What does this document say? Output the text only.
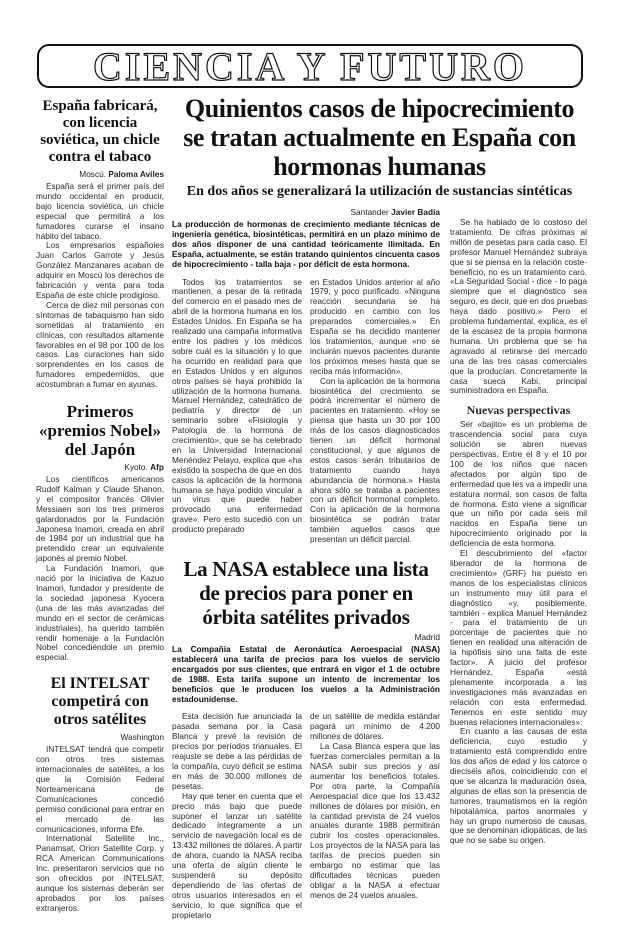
CIENCIA Y FUTURO
España fabricará, con licencia soviética, un chicle contra el tabaco
Moscú. Paloma Aviles

España será el primer país del mundo occidental en producir, bajo licencia soviética, un chicle especial que permitirá a los fumadores curarse el insano hábito del tabaco.

Los empresarios españoles Juan Carlos Garrote y Jesús González Manzanares acaban de adquirir en Moscú los derechos de fabricación y venta para toda España de este chicle prodigioso.

Cerca de diez mil personas con síntomas de tabaquismo han sido sometidas al tratamiento en clínicas, con resultados altamente favorables en el 98 por 100 de los casos. Las curaciones han sido sorprendentes en los casos de fumadores empedernidos, que acostumbran a fumar en ayunas.

Primeros «premios Nobel» del Japón
Kyoto. Afp

Los científicos americanos Rudolf Kalman y Claude Shanon, y el compositor francés Olivier Messiaen son los tres primeros galardonados por la Fundación Japonesa Inamori, creada en abril de 1984 por un industrial que ha pretendido crear un equivalente japonés al premio Nobel.

La Fundación Inamori, que nació por la iniciativa de Kazuo Inamori, fundador y presidente de la sociedad japonesa Kyocera (una de las más avanzadas del mundo en el sector de cerámicas industriales), ha querido también rendir homenaje a la Fundación Nobel concediéndole un premio especial.

El INTELSAT competirá con otros satélites
Washington

INTELSAT tendrá que competir con otros tres sistemas internacionales de satélites, a los que la Comisión Federal Norteamericana de Comunicaciones concedió permiso condicional para entrar en el mercado de las comunicaciones, informa Efe.

International Satellite Inc., Panamsat, Orion Satellite Corp. y RCA American Communications Inc. presentaron servicios que no son ofrecidos por INTELSAT, aunque los sistemas deberán ser aprobados por los países extranjeros.

Quinientos casos de hipocrecimiento se tratan actualmente en España con hormonas humanas
En dos años se generalizará la utilización de sustancias sintéticas
Santander Javier Badía
La producción de hormonas de crecimiento mediante técnicas de ingeniería genética, biosintéticas, permitirá en un plazo mínimo de dos años disponer de una cantidad teóricamente ilimitada. En España, actualmente, se están tratando quinientos cincuenta casos de hipocrecimiento - talla baja - por déficit de esta hormona.

Todos los tratamientos se mantienen, a pesar de la retirada del comercio en el pasado mes de abril de la hormona humana en los Estados Unidos. En España se ha realizado una campaña informativa entre los padres y los médicos sobre cuál es la situación y lo que ha ocurrido en realidad para que en Estados Unidos y en algunos otros países se haya prohibido la utilización de la hormona humana. Manuel Hernández, catedrático de pediatría y director de un seminario sobre «Fisiología y Patología de la hormona de crecimiento», que se ha celebrado en la Universidad Internacional Menéndez Pelayo, explica que «ha existido la sospecha de que en dos casos la aplicación de la hormona humana se haya podido vincular a un virus que puede haber provocado una enfermedad grave». Pero esto sucedió con un producto preparado

en Estados Unidos anterior al año 1979, y poco purificado. «Ninguna reacción secundaria se ha producido en cambio con los preparados comerciales.» En España se ha decidido mantener los tratamientos, aunque «no se incluirán nuevos pacientes durante los próximos meses hasta que se reciba más información».

Con la aplicación de la hormona biosintética del crecimiento se podrá incrementar el número de pacientes en tratamiento. «Hoy se piensa que hasta un 30 por 100 más de los casos diagnosticados tienen un déficit hormonal constitucional, y que algunos de estos casos serán tributarios de tratamiento cuando haya abundancia de hormona.» Hasta ahora sólo se trataba a pacientes con un déficit hormonal completo. Con la aplicación de la hormona biosintética se podrán tratar también aquellos casos que presentan un déficit parcial.

La NASA establece una lista de precios para poner en órbita satélites privados
Madrid
La Compañía Estatal de Aeronáutica Aeroespacial (NASA) establecerá una tarifa de precios para los vuelos de servicio encargados por sus clientes, que entrará en vigor el 1 de octubre de 1988. Esta tarifa supone un intento de incrementar los beneficios que le producen los vuelos a la Administración estadounidense.

Esta decisión fue anunciada la pasada semana por la Casa Blanca y prevé la revisión de precios por períodos trianuales. El reajuste se debe a las pérdidas de la compañía, cuyo déficit se estima en más de 30.000 millones de pesetas.

Hay que tener en cuenta que el precio más bajo que puede suponer el lanzar un satélite dedicado íntegramente a un servicio de navegación local es de 13.432 millones de dólares. A partir de ahora, cuando la NASA reciba una oferta de algún cliente le suspenderá su depósito dependiendo de las ofertas de otros usuarios interesados en el servicio, lo que significa que el propietario

de un satélite de medida estándar pagará un mínimo de 4.200 millones de dólares.

La Casa Blanca espera que las fuerzas comerciales permitan a la NASA subir sus precios y así aumentar los beneficios totales. Por otra parte, la Compañía Aeroespacial dice que los 13.432 millones de dólares por misión, en la cantidad prevista de 24 vuelos anuales durante 1988 permitirán cubrir los costes operacionales. Los proyectos de la NASA para las tarifas de precios pueden sin embargo no estimar que las dificultades técnicas pueden obligar a la NASA a efectuar menos de 24 vuelos anuales.

Se ha hablado de lo costoso del tratamiento. De cifras próximas al millón de pesetas para cada caso. El profesor Manuel Hernández subraya que si se piensa en la relación coste-beneficio, no es un tratamiento caro. «La Seguridad Social - dice - lo paga siempre que el diagnóstico sea seguro, es decir, que en dos pruebas haya dado positivo.» Pero el problema fundamental, explica, es el de la escasez de la propia hormona humana. Un problema que se ha agravado al retirarse del mercado una de las tres casas comerciales que la producían. Concretamente la casa sueca Kabi, principal suministradora en España.

Nuevas perspectivas

Ser «bajito» es un problema de trascendencia social para cuya solución se abren nuevas perspectivas. Entre el 8 y el 10 por 100 de los niños que nacen afectados por algún tipo de enfermedad que les va a impedir una estatura normal, son casos de falta de hormona. Esto viene a significar que un niño por cada seis mil nacidos en España tiene un hipocrecimiento originado por la deficiencia de esta hormona.

El descubrimiento del «factor liberador de la hormona de crecimiento» (GRF) ha puesto en manos de los especialistas clínicos un instrumento muy útil para el diagnóstico «y, posiblemente, también - explica Manuel Hernández - para el tratamiento de un porcentaje de pacientes que no tienen en realidad una alteración de la hipófisis sino una falta de este factor». A juicio del profesor Hernández, España «está plenamente incorporada a las investigaciones más avanzadas en relación con esta enfermedad. Tenemos en este sentido muy buenas relaciones internacionales».

En cuanto a las causas de esta deficiencia, cuyo estudio y tratamiento está comprendido entre los dos años de edad y los catorce o dieciséis años, coincidiendo con el que se alcanza la maduración ósea, algunas de ellas son la presencia de tumores, traumatismos en la región hipotalámica, partos anormales y hay un grupo numeroso de causas, que se denominan idiopáticas, de las que no se sabe su origen.
